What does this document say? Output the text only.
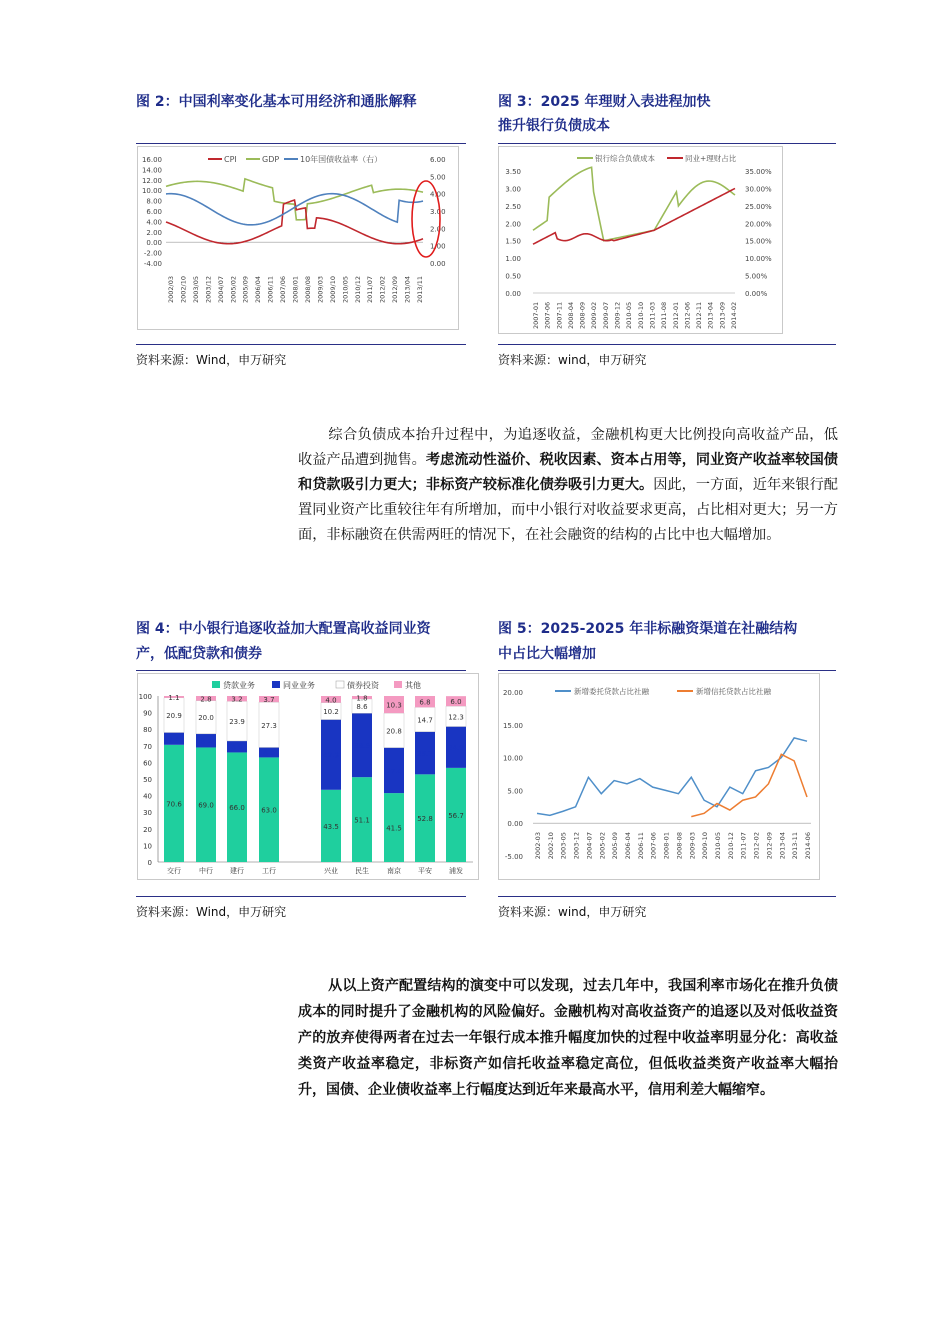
图 2：中国利率变化基本可用经济和通胀解释
CPI	GDP	10年国债收益率（右）
16.00
14.00
12.00
10.00
8.00
6.00
4.00
2.00
0.00
-2.00
-4.00
6.00
5.00
4.00
3.00
2.00
1.00
0.00
2002/03 2002/10 2003/05 2003/12 2004/07 2005/02 2005/09 2006/04 2006/11 2007/06 2008/01 2008/08 2009/03 2009/10 2010/05 2010/12 2011/07 2012/02 2012/09 2013/04 2013/11
资料来源：Wind，申万研究
图 3：2025 年理财入表进程加快
推升银行负债成本
银行综合负债成本	同业+理财占比
3.50
3.00
2.50
2.00
1.50
1.00
0.50
0.00
35.00%
30.00%
25.00%
20.00%
15.00%
10.00%
5.00%
0.00%
2007-01 2007-06 2007-11 2008-04 2008-09 2009-02 2009-07 2009-12 2010-05 2010-10 2011-03 2011-08 2012-01 2012-06 2012-11 2013-04 2013-09 2014-02
资料来源：wind，申万研究
综合负债成本抬升过程中，为追逐收益，金融机构更大比例投向高收益产品，低收益产品遭到抛售。考虑流动性溢价、税收因素、资本占用等，同业资产收益率较国债和贷款吸引力更大；非标资产较标准化债券吸引力更大。因此，一方面，近年来银行配置同业资产比重较往年有所增加，而中小银行对收益要求更高，占比相对更大；另一方面，非标融资在供需两旺的情况下，在社会融资的结构的占比中也大幅增加。
图 4：中小银行追逐收益加大配置高收益同业资
产，低配贷款和债券
贷款业务	同业业务	债券投资	其他
100
90
80
70
60
50
40
30
20
10
0
70.6
7.4
20.9
1.1
交行
69.0
8.2
20.0
2.8
中行
66.0
6.9
23.9
3.2
建行
63.0
6.0
27.3
3.7
工行
43.5
42.3
10.2
4.0
兴业
51.1
38.5
8.6
1.8
民生
41.5
27.4
20.8
10.3
南京
52.8
25.7
14.7
6.8
平安
56.7
24.9
12.3
6.0
浦发
资料来源：Wind，申万研究
图 5：2025-2025 年非标融资渠道在社融结构
中占比大幅增加
新增委托贷款占比社融	新增信托贷款占比社融
20.00
15.00
10.00
5.00
0.00
-5.00 2002-03 2002-10 2003-05 2003-12 2004-07 2005-02 2005-09 2006-04 2006-11 2007-06 2008-01 2008-08 2009-03 2009-10 2010-05 2010-12 2011-07 2012-02 2012-09 2013-04 2013-11 2014-06
资料来源：wind，申万研究
从以上资产配置结构的演变中可以发现，过去几年中，我国利率市场化在推升负债成本的同时提升了金融机构的风险偏好。金融机构对高收益资产的追逐以及对低收益资产的放弃使得两者在过去一年银行成本推升幅度加快的过程中收益率明显分化：高收益类资产收益率稳定，非标资产如信托收益率稳定高位，但低收益类资产收益率大幅抬升，国债、企业债收益率上行幅度达到近年来最高水平，信用利差大幅缩窄。
